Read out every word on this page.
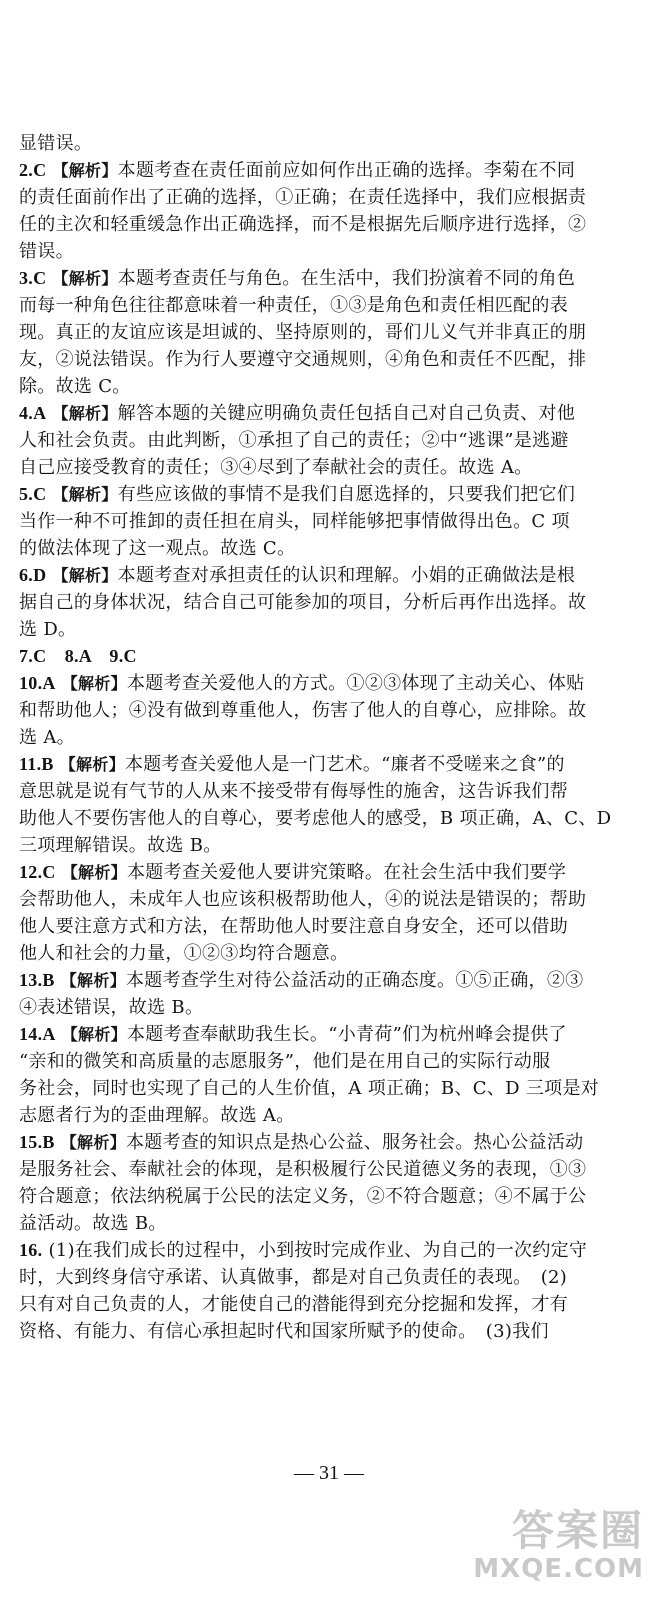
显错误。
2.C 【解析】本题考查在责任面前应如何作出正确的选择。李菊在不同
的责任面前作出了正确的选择，①正确；在责任选择中，我们应根据责
任的主次和轻重缓急作出正确选择，而不是根据先后顺序进行选择，②
错误。
3.C 【解析】本题考查责任与角色。在生活中，我们扮演着不同的角色
而每一种角色往往都意味着一种责任，①③是角色和责任相匹配的表
现。真正的友谊应该是坦诚的、坚持原则的，哥们儿义气并非真正的朋
友，②说法错误。作为行人要遵守交通规则，④角色和责任不匹配，排
除。故选 C。
4.A 【解析】解答本题的关键应明确负责任包括自己对自己负责、对他
人和社会负责。由此判断，①承担了自己的责任；②中“逃课”是逃避
自己应接受教育的责任；③④尽到了奉献社会的责任。故选 A。
5.C 【解析】有些应该做的事情不是我们自愿选择的，只要我们把它们
当作一种不可推卸的责任担在肩头，同样能够把事情做得出色。C 项
的做法体现了这一观点。故选 C。
6.D 【解析】本题考查对承担责任的认识和理解。小娟的正确做法是根
据自己的身体状况，结合自己可能参加的项目，分析后再作出选择。故
选 D。
7.C　8.A　9.C
10.A 【解析】本题考查关爱他人的方式。①②③体现了主动关心、体贴
和帮助他人；④没有做到尊重他人，伤害了他人的自尊心，应排除。故
选 A。
11.B 【解析】本题考查关爱他人是一门艺术。“廉者不受嗟来之食”的
意思就是说有气节的人从来不接受带有侮辱性的施舍，这告诉我们帮
助他人不要伤害他人的自尊心，要考虑他人的感受，B 项正确，A、C、D
三项理解错误。故选 B。
12.C 【解析】本题考查关爱他人要讲究策略。在社会生活中我们要学
会帮助他人，未成年人也应该积极帮助他人，④的说法是错误的；帮助
他人要注意方式和方法，在帮助他人时要注意自身安全，还可以借助
他人和社会的力量，①②③均符合题意。
13.B 【解析】本题考查学生对待公益活动的正确态度。①⑤正确，②③
④表述错误，故选 B。
14.A 【解析】本题考查奉献助我生长。“小青荷”们为杭州峰会提供了
“亲和的微笑和高质量的志愿服务”，他们是在用自己的实际行动服
务社会，同时也实现了自己的人生价值，A 项正确；B、C、D 三项是对
志愿者行为的歪曲理解。故选 A。
15.B 【解析】本题考查的知识点是热心公益、服务社会。热心公益活动
是服务社会、奉献社会的体现，是积极履行公民道德义务的表现，①③
符合题意；依法纳税属于公民的法定义务，②不符合题意；④不属于公
益活动。故选 B。
16. (1)在我们成长的过程中，小到按时完成作业、为自己的一次约定守
时，大到终身信守承诺、认真做事，都是对自己负责任的表现。　(2)
只有对自己负责的人，才能使自己的潜能得到充分挖掘和发挥，才有
资格、有能力、有信心承担起时代和国家所赋予的使命。　(3)我们
— 31 —
答案圈
MXQE.COM
